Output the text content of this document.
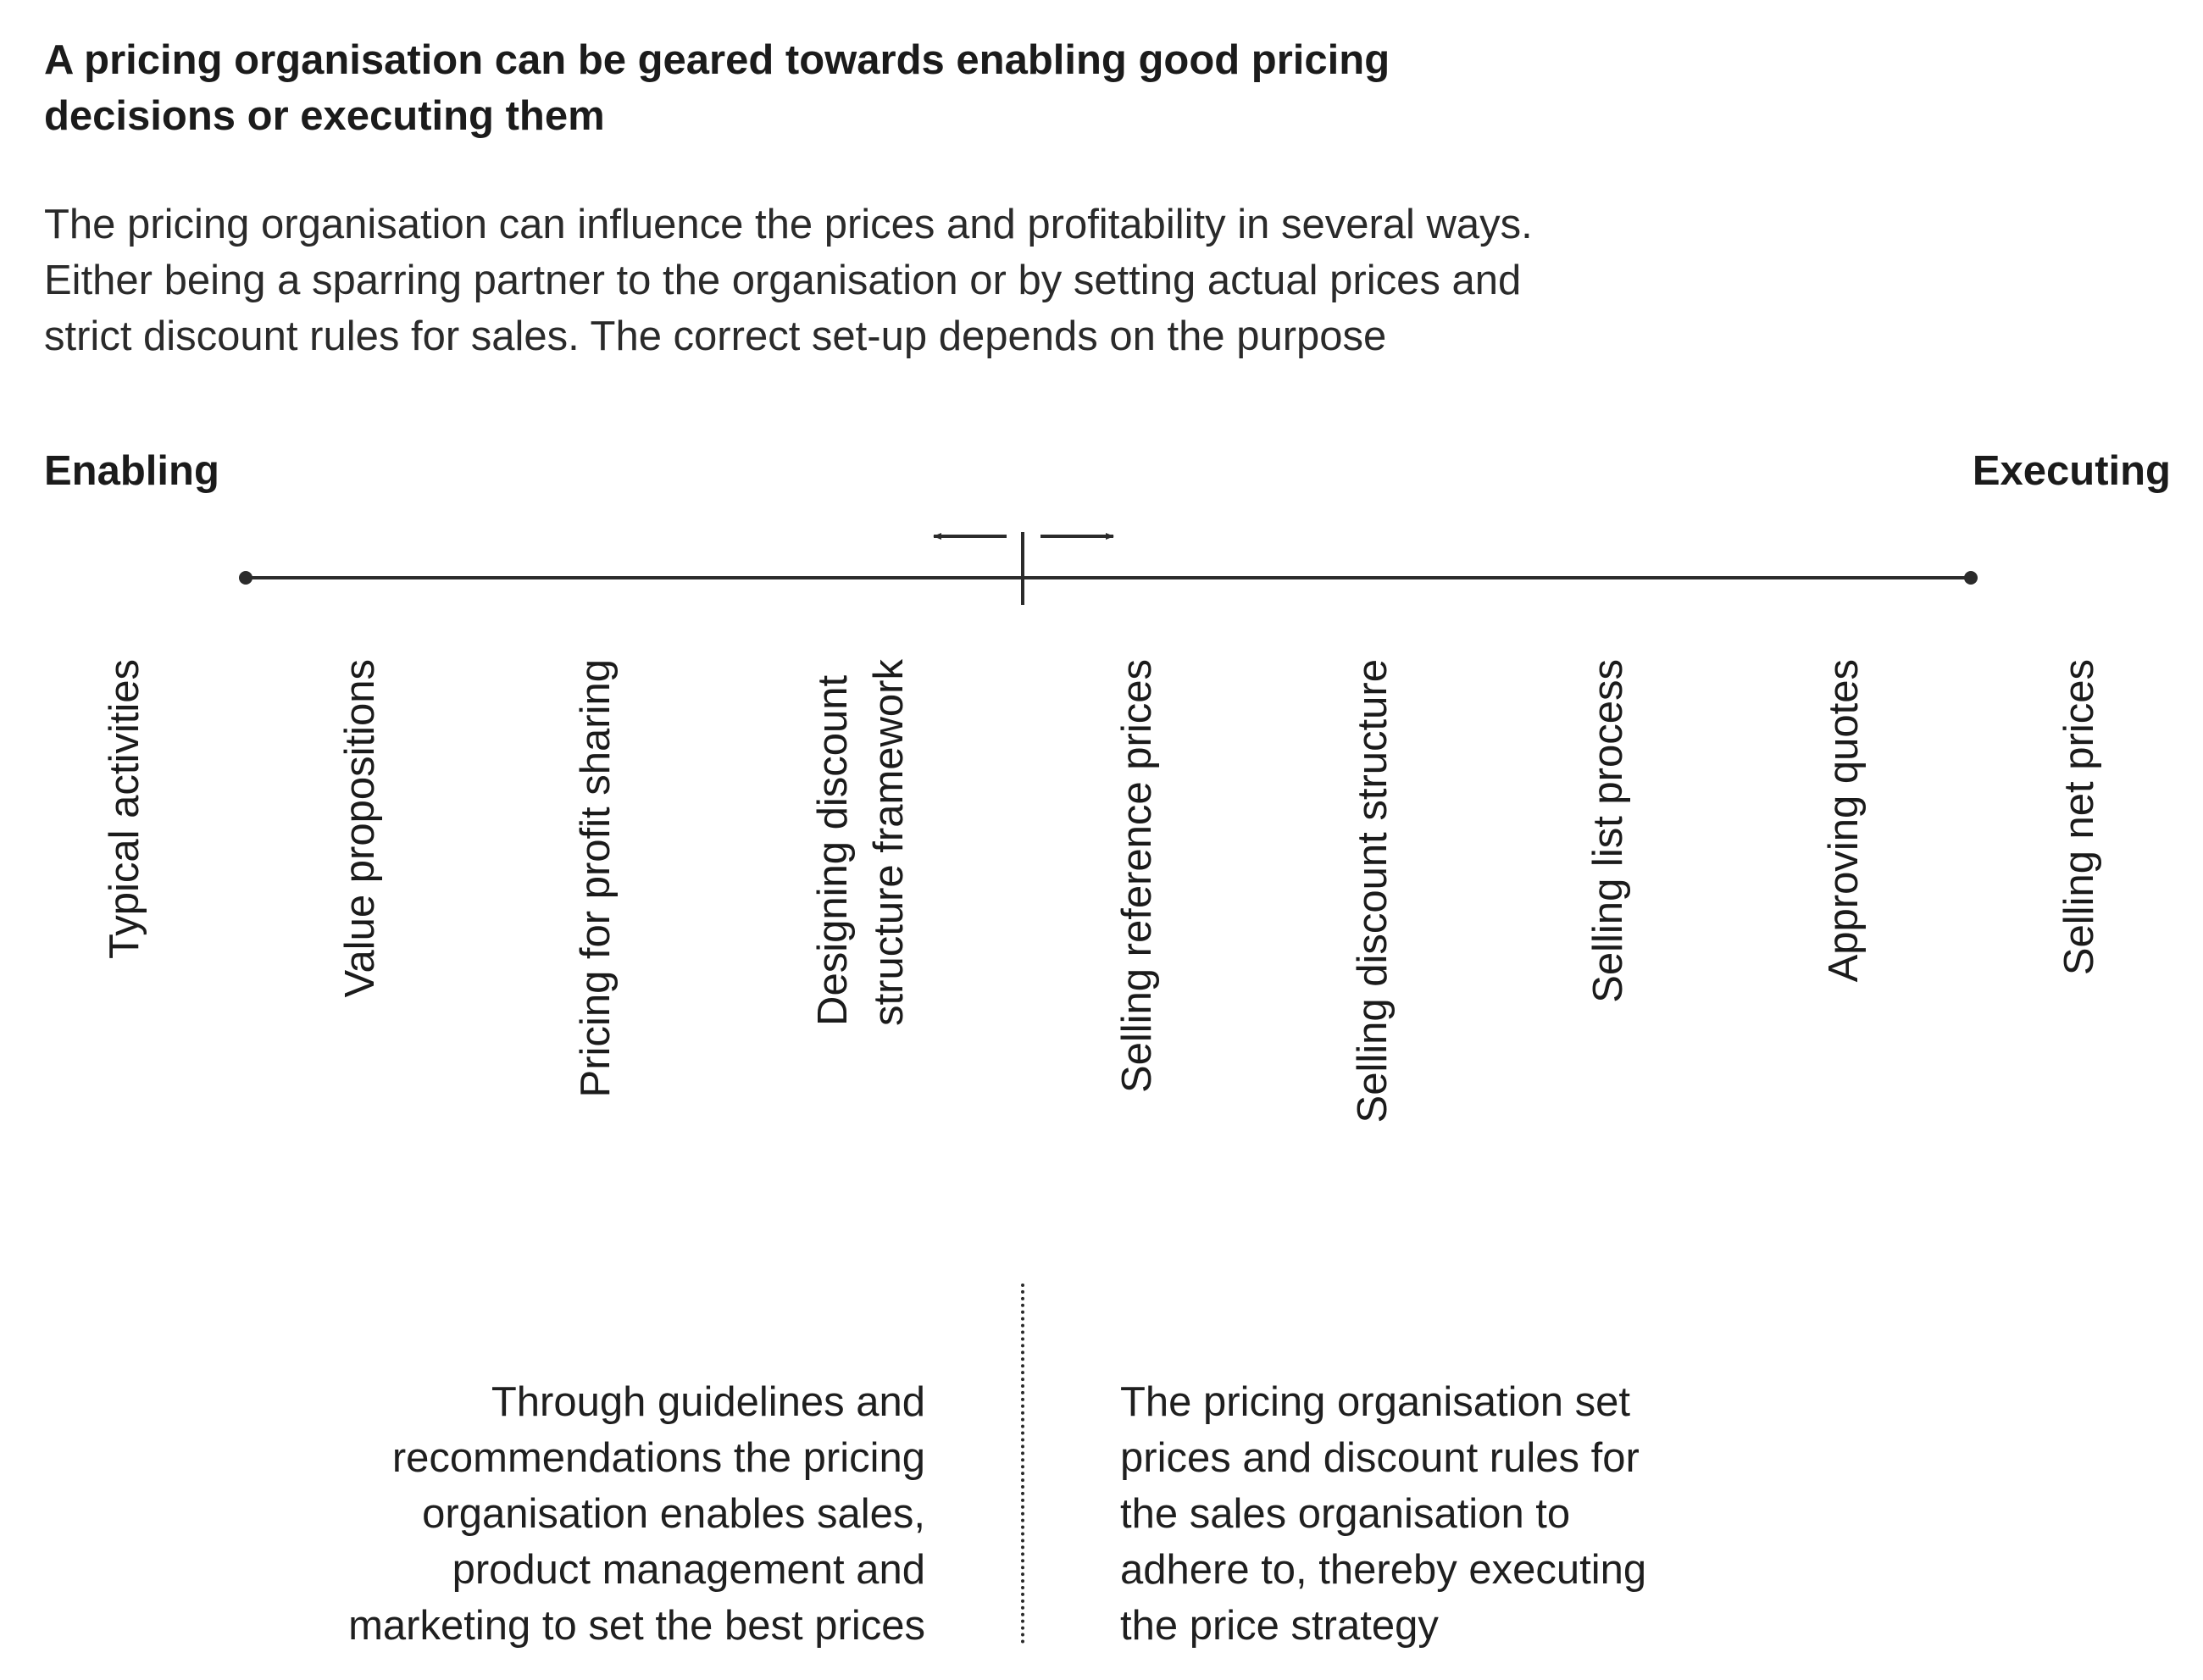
A pricing organisation can be geared towards enabling good pricing
decisions or executing them
The pricing organisation can influence the prices and profitability in several ways.
Either being a sparring partner to the organisation or by setting actual prices and
strict discount rules for sales. The correct set-up depends on the purpose
Enabling	Executing
Typical activities	Value propositions	Pricing for profit sharing	Designing discount structure framework	Selling reference prices	Selling discount structure	Selling list process	Approving quotes	Selling net prices
Through guidelines and
recommendations the pricing
organisation enables sales,
product management and
marketing to set the best prices
The pricing organisation set
prices and discount rules for
the sales organisation to
adhere to, thereby executing
the price strategy
